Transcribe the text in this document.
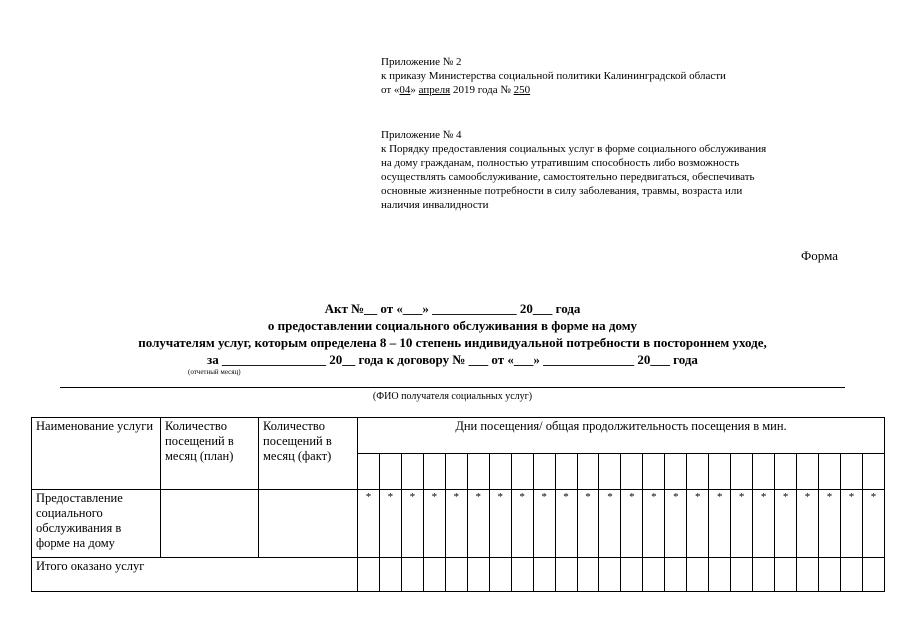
Приложение № 2
к приказу Министерства социальной политики Калининградской области
от «04» апреля 2019 года № 250
Приложение № 4
к Порядку предоставления социальных услуг в форме социального обслуживания
на дому гражданам, полностью утратившим способность либо возможность
осуществлять самообслуживание, самостоятельно передвигаться, обеспечивать
основные жизненные потребности в силу заболевания, травмы, возраста или
наличия инвалидности
Форма
Акт №__ от «___» _____________ 20___ года
о предоставлении социального обслуживания в форме на дому
получателям услуг, которым определена 8 – 10 степень индивидуальной потребности в постороннем уходе,
за ________________ 20__ года к договору № ___ от «___» ______________ 20___ года
(отчетный месяц)
(ФИО получателя социальных услуг)
Наименование услуги	Количество посещений в месяц (план)	Количество посещений в месяц (факт)	Дни посещения/ общая продолжительность посещения в мин.																							

Предоставление социального обслуживания в форме на дому			*	*	*	*	*	*	*	*	*	*	*	*	*	*	*	*	*	*	*	*	*	*	*	*
Итого оказано услуг																										
